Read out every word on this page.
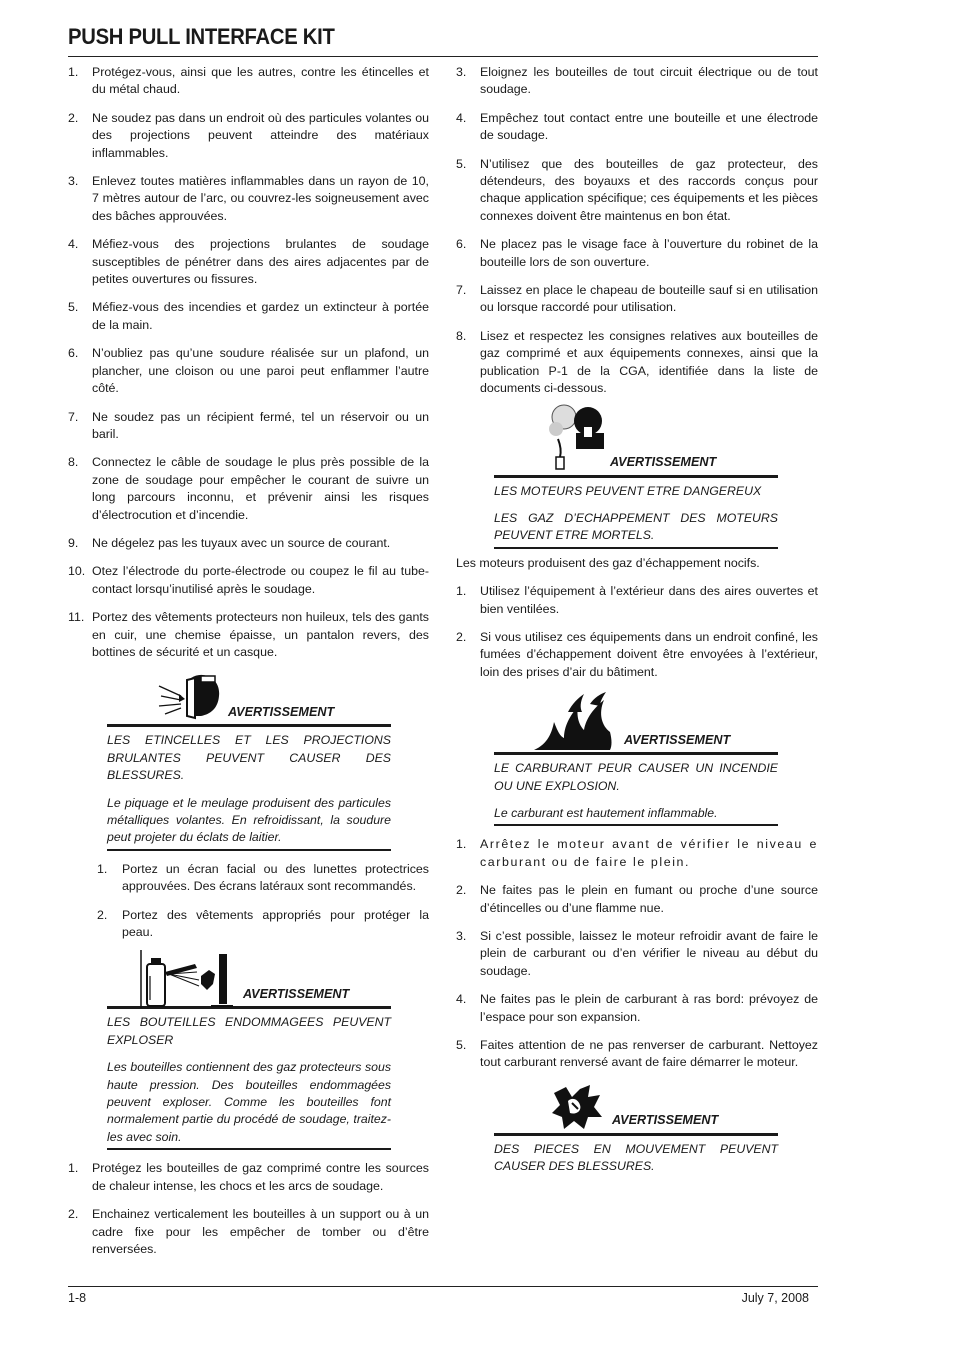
PUSH PULL INTERFACE KIT
1. Protégez-vous, ainsi que les autres, contre les étincelles et du métal chaud.
2. Ne soudez pas dans un endroit où des particules volantes ou des projections peuvent atteindre des matériaux inflammables.
3. Enlevez toutes matières inflammables dans un rayon de 10, 7 mètres autour de l’arc, ou couvrez-les soigneusement avec des bâches approuvées.
4. Méfiez-vous des projections brulantes de soudage susceptibles de pénétrer dans des aires adjacentes par de petites ouvertures ou fissures.
5. Méfiez-vous des incendies et gardez un extincteur à portée de la main.
6. N’oubliez pas qu’une soudure réalisée sur un plafond, un plancher, une cloison ou une paroi peut enflammer l’autre côté.
7. Ne soudez pas un récipient fermé, tel un réservoir ou un baril.
8. Connectez le câble de soudage le plus près possible de la zone de soudage pour empêcher le courant de suivre un long parcours inconnu, et prévenir ainsi les risques d’électrocution et d’incendie.
9. Ne dégelez pas les tuyaux avec un source de courant.
10. Otez l’électrode du porte-électrode ou coupez le fil au tube-contact lorsqu’inutilisé après le soudage.
11. Portez des vêtements protecteurs non huileux, tels des gants en cuir, une chemise épaisse, un pantalon revers, des bottines de sécurité et un casque.
AVERTISSEMENT

LES ETINCELLES ET LES PROJECTIONS BRULANTES PEUVENT CAUSER DES BLESSURES.

Le piquage et le meulage produisent des particules métalliques volantes. En refroidissant, la soudure peut projeter du éclats de laitier.

1. Portez un écran facial ou des lunettes protectrices approuvées. Des écrans latéraux sont recommandés.
2. Portez des vêtements appropriés pour protéger la peau.
AVERTISSEMENT

LES BOUTEILLES ENDOMMAGEES PEUVENT EXPLOSER

Les bouteilles contiennent des gaz protecteurs sous haute pression. Des bouteilles endommagées peuvent exploser. Comme les bouteilles font normalement partie du procédé de soudage, traitez-les avec soin.

1. Protégez les bouteilles de gaz comprimé contre les sources de chaleur intense, les chocs et les arcs de soudage.
2. Enchainez verticalement les bouteilles à un support ou à un cadre fixe pour les empêcher de tomber ou d’être renversées.
3. Eloignez les bouteilles de tout circuit électrique ou de tout soudage.
4. Empêchez tout contact entre une bouteille et une électrode de soudage.
5. N’utilisez que des bouteilles de gaz protecteur, des détendeurs, des boyauxs et des raccords conçus pour chaque application spécifique; ces équipements et les pièces connexes doivent être maintenus en bon état.
6. Ne placez pas le visage face à l’ouverture du robinet de la bouteille lors de son ouverture.
7. Laissez en place le chapeau de bouteille sauf si en utilisation ou lorsque raccordé pour utilisation.
8. Lisez et respectez les consignes relatives aux bouteilles de gaz comprimé et aux équipements connexes, ainsi que la publication P-1 de la CGA, identifiée dans la liste de documents ci-dessous.
AVERTISSEMENT

LES MOTEURS PEUVENT ETRE DANGEREUX

LES GAZ D’ECHAPPEMENT DES MOTEURS PEUVENT ETRE MORTELS.

Les moteurs produisent des gaz d’échappement nocifs.

1. Utilisez l’équipement à l’extérieur dans des aires ouvertes et bien ventilées.
2. Si vous utilisez ces équipements dans un endroit confiné, les fumées d’échappement doivent être envoyées à l’extérieur, loin des prises d’air du bâtiment.
AVERTISSEMENT

LE CARBURANT PEUR CAUSER UN INCENDIE OU UNE EXPLOSION.

Le carburant est hautement inflammable.

1. Arrêtez le moteur avant de vérifier le niveau e carburant ou de faire le plein.
2. Ne faites pas le plein en fumant ou proche d’une source d’étincelles ou d’une flamme nue.
3. Si c’est possible, laissez le moteur refroidir avant de faire le plein de carburant ou d’en vérifier le niveau au début du soudage.
4. Ne faites pas le plein de carburant à ras bord: prévoyez de l’espace pour son expansion.
5. Faites attention de ne pas renverser de carburant. Nettoyez tout carburant renversé avant de faire démarrer le moteur.
AVERTISSEMENT

DES PIECES EN MOUVEMENT PEUVENT CAUSER DES BLESSURES.

1-8	July 7, 2008
